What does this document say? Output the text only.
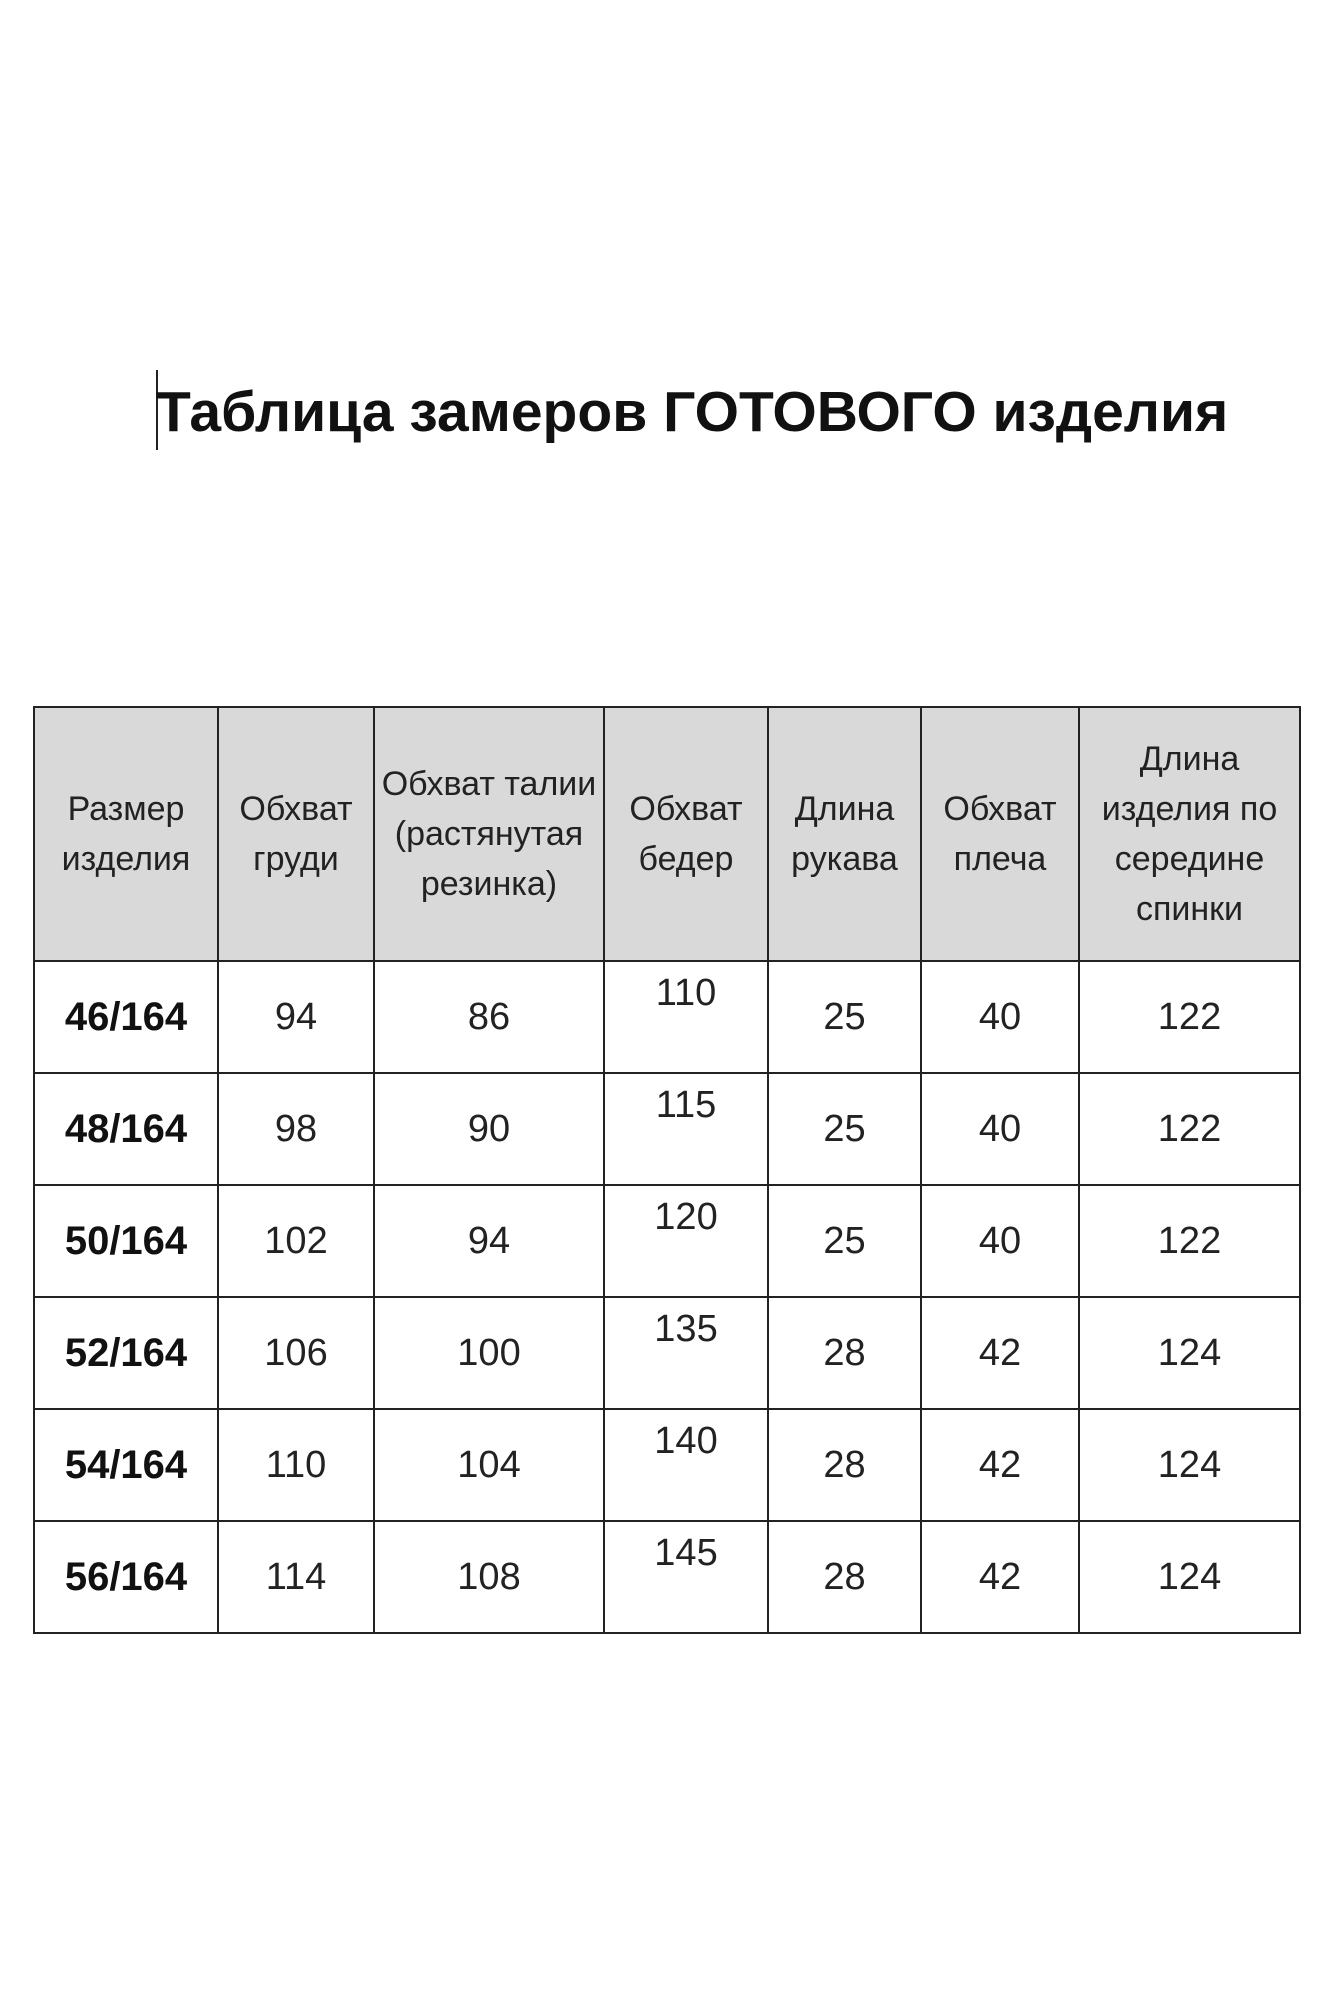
Таблица замеров ГОТОВОГО изделия
Размер изделия	Обхват груди	Обхват талии (растянутая резинка)	Обхват бедер	Длина рукава	Обхват плеча	Длина изделия по середине спинки
46/164	94	86	110	25	40	122
48/164	98	90	115	25	40	122
50/164	102	94	120	25	40	122
52/164	106	100	135	28	42	124
54/164	110	104	140	28	42	124
56/164	114	108	145	28	42	124
